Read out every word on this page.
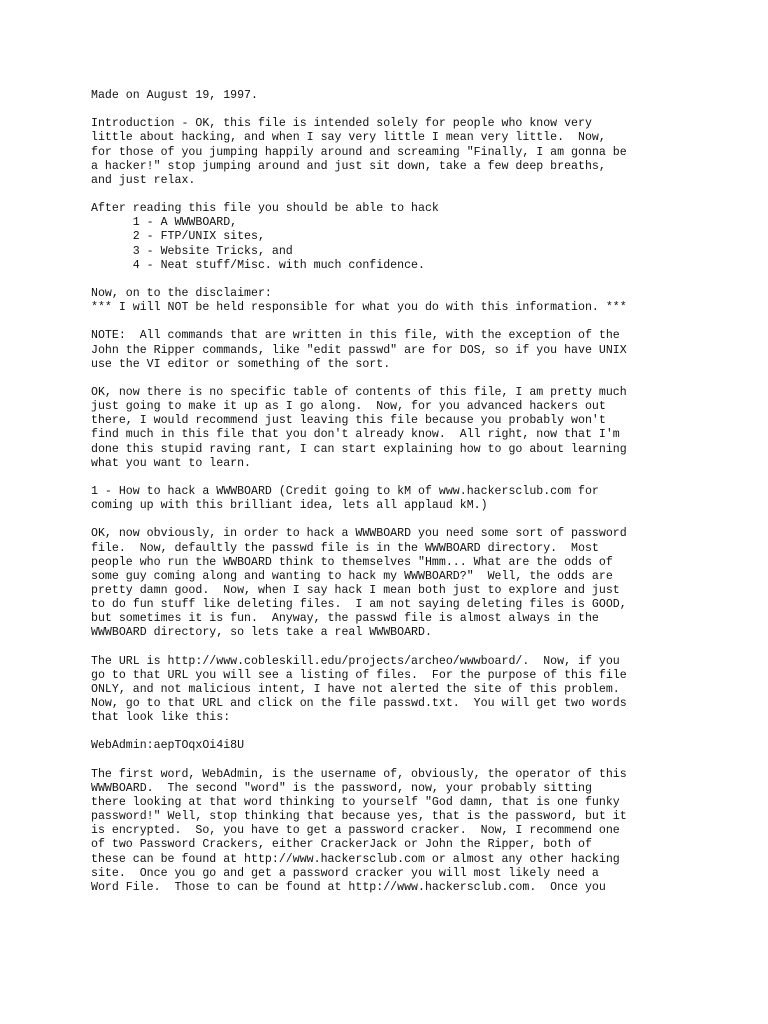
Made on August 19, 1997.
Introduction - OK, this file is intended solely for people who know very
little about hacking, and when I say very little I mean very little.  Now,
for those of you jumping happily around and screaming "Finally, I am gonna be
a hacker!" stop jumping around and just sit down, take a few deep breaths,
and just relax.
After reading this file you should be able to hack
1 - A WWWBOARD,
2 - FTP/UNIX sites,
3 - Website Tricks, and
4 - Neat stuff/Misc. with much confidence.
Now, on to the disclaimer:
*** I will NOT be held responsible for what you do with this information. ***
NOTE:  All commands that are written in this file, with the exception of the
John the Ripper commands, like "edit passwd" are for DOS, so if you have UNIX
use the VI editor or something of the sort.
OK, now there is no specific table of contents of this file, I am pretty much
just going to make it up as I go along.  Now, for you advanced hackers out
there, I would recommend just leaving this file because you probably won't
find much in this file that you don't already know.  All right, now that I'm
done this stupid raving rant, I can start explaining how to go about learning
what you want to learn.
1 - How to hack a WWWBOARD (Credit going to kM of www.hackersclub.com for
coming up with this brilliant idea, lets all applaud kM.)
OK, now obviously, in order to hack a WWWBOARD you need some sort of password
file.  Now, defaultly the passwd file is in the WWWBOARD directory.  Most
people who run the WWBOARD think to themselves "Hmm... What are the odds of
some guy coming along and wanting to hack my WWWBOARD?"  Well, the odds are
pretty damn good.  Now, when I say hack I mean both just to explore and just
to do fun stuff like deleting files.  I am not saying deleting files is GOOD,
but sometimes it is fun.  Anyway, the passwd file is almost always in the
WWWBOARD directory, so lets take a real WWWBOARD.
The URL is http://www.cobleskill.edu/projects/archeo/wwwboard/.  Now, if you
go to that URL you will see a listing of files.  For the purpose of this file
ONLY, and not malicious intent, I have not alerted the site of this problem.
Now, go to that URL and click on the file passwd.txt.  You will get two words
that look like this:
WebAdmin:aepTOqxOi4i8U
The first word, WebAdmin, is the username of, obviously, the operator of this
WWWBOARD.  The second "word" is the password, now, your probably sitting
there looking at that word thinking to yourself "God damn, that is one funky
password!" Well, stop thinking that because yes, that is the password, but it
is encrypted.  So, you have to get a password cracker.  Now, I recommend one
of two Password Crackers, either CrackerJack or John the Ripper, both of
these can be found at http://www.hackersclub.com or almost any other hacking
site.  Once you go and get a password cracker you will most likely need a
Word File.  Those to can be found at http://www.hackersclub.com.  Once you
